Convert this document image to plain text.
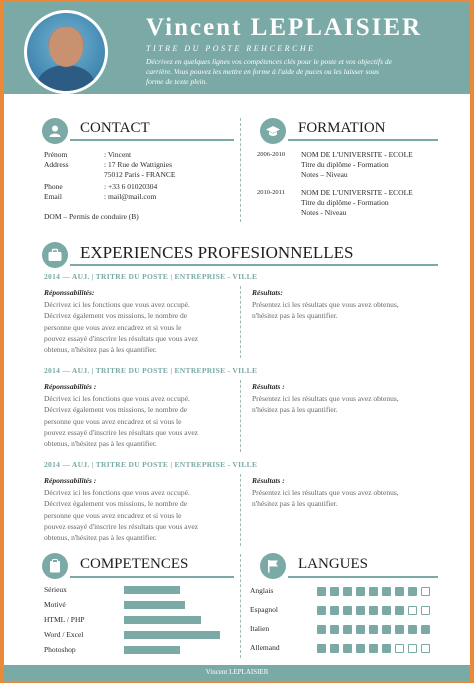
Vincent LEPLAISIER
TITRE DU POSTE REHCERCHE
Décrivez en quelques lignes vos compétences clés pour le poste et vos objectifs de carrière. Vous pouvez les mettre en forme à l'aide de puces ou les laisser sous forme de texte plein.
CONTACT
DOM – Permis de conduire (B)
FORMATION
EXPERIENCES PROFESIONNELLES
COMPETENCES	LANGUES
Vincent LEPLAISIER
Prénom	: Vincent
Address	: 17 Rue de Wattignies
75012 Paris - FRANCE
Phone	: +33 6 01020304
Email	: mail@mail.com
2006-2010 NOM DE L'UNIVERSITE - ECOLE
Titre du diplôme - Formation
Notes – Niveau
2010-2011 NOM DE L'UNIVERSITE - ECOLE
Titre du diplôme - Formation
Notes - Niveau
2014 — AUJ. | TRITRE DU POSTE | ENTREPRISE - VILLE
Réponssabilités:	Résultats:
Décrivez ici les fonctions que vous avez occupé.
Décrivez également vos missions, le nombre de
personne que vous avez encadrez et si vous le
pouvez essayé d'inscrire les résultats que vous avez
obtenus, n'hésitez pas à les quantifier.
Présentez ici les résultats que vous avez obtenus,
n'hésitez pas à les quantifier.
2014 — AUJ. | TRITRE DU POSTE | ENTREPRISE - VILLE
Réponssabilités :	Résultats :
Décrivez ici les fonctions que vous avez occupé.
Décrivez également vos missions, le nombre de
personne que vous avez encadrez et si vous le
pouvez essayé d'inscrire les résultats que vous avez
obtenus, n'hésitez pas à les quantifier.
Présentez ici les résultats que vous avez obtenus,
n'hésitez pas à les quantifier.
2014 — AUJ. | TRITRE DU POSTE | ENTREPRISE - VILLE
Réponssabilités :	Résultats :
Décrivez ici les fonctions que vous avez occupé.
Décrivez également vos missions, le nombre de
personne que vous avez encadrez et si vous le
pouvez essayé d'inscrire les résultats que vous avez
obtenus, n'hésitez pas à les quantifier.
Présentez ici les résultats que vous avez obtenus,
n'hésitez pas à les quantifier.
Sérieux
Motivé
HTML / PHP
Word / Excel
Photoshop
Anglais
Espagnol
Italien
Allemand
